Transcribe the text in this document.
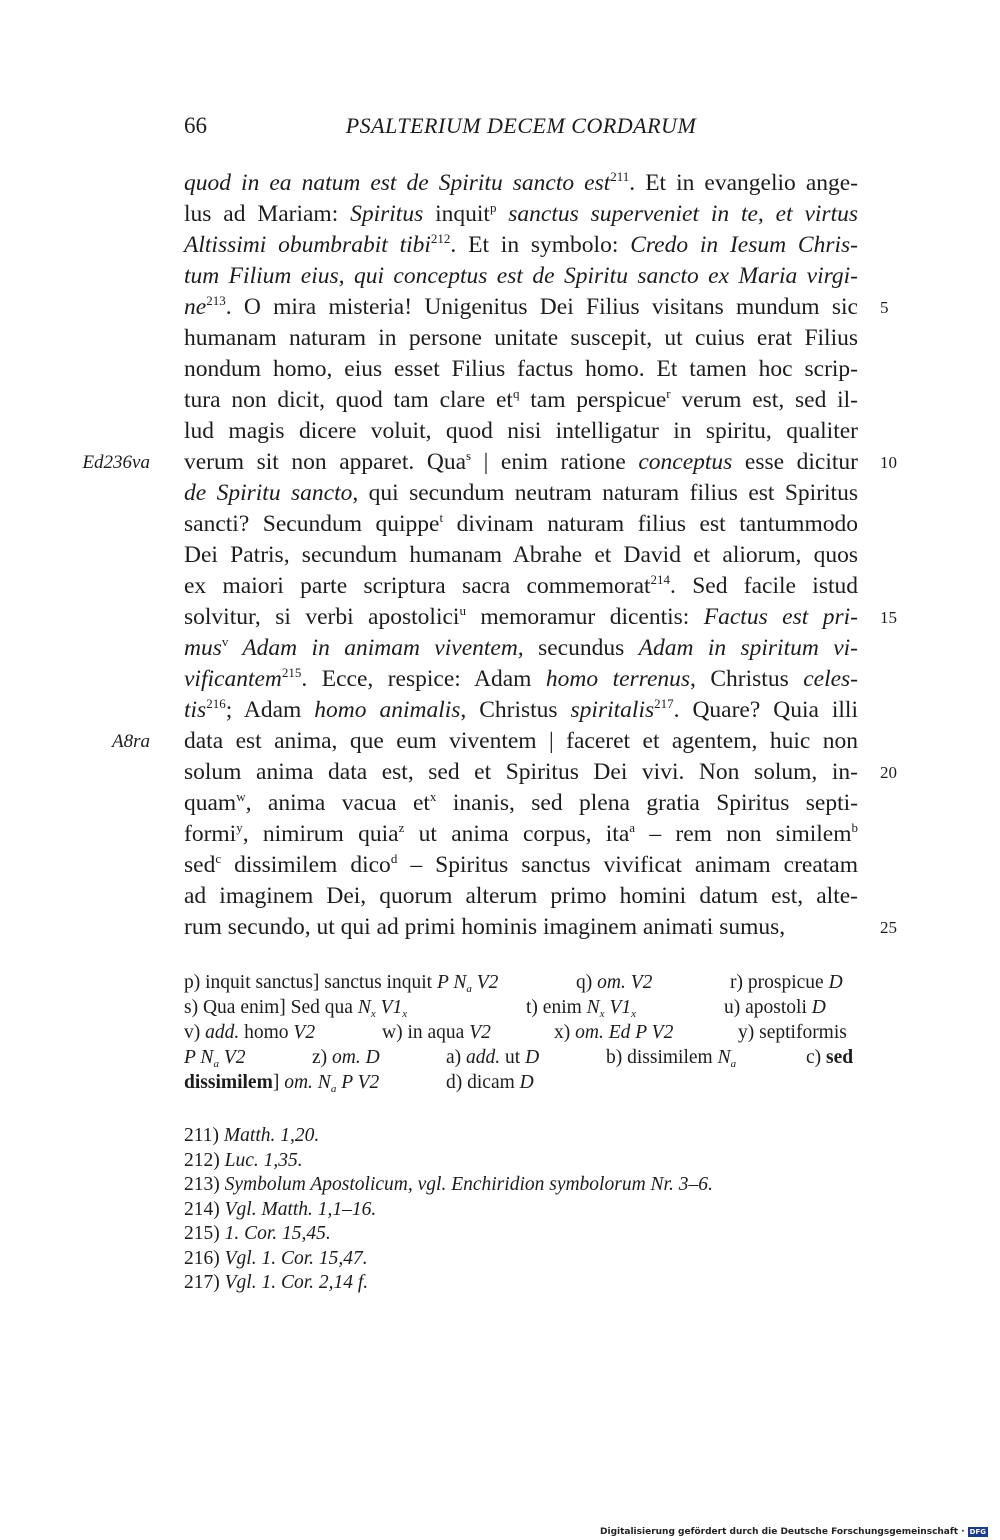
66	PSALTERIUM DECEM CORDARUM
quod in ea natum est de Spiritu sancto est$^{211}$. Et in evangelio ange-
lus ad Mariam: Spiritus inquit$^p$ sanctus superveniet in te, et virtus
Altissimi obumbrabit tibi$^{212}$. Et in symbolo: Credo in Iesum Chris-
tum Filium eius, qui conceptus est de Spiritu sancto ex Maria virgi-
$ne^{213}$. O mira misteria! Unigenitus Dei Filius visitans mundum sic
humanam naturam in persone unitate suscepit, ut cuius erat Filius
nondum homo, eius esset Filius factus homo. Et tamen hoc scrip-
tura non dicit, quod tam clare $et^q$ tam perspicue$^r$ verum est, sed il-
lud magis dicere voluit, quod nisi intelligatur in spiritu, qualiter
verum sit non apparet. Qua$^s$ | enim ratione conceptus esse dicitur
de Spiritu sancto, qui secundum neutram naturam filius est Spiritus
sancti? Secundum quippe$^t$ divinam naturam filius est tantummodo
Dei Patris, secundum humanam Abrahe et David et aliorum, quos
ex maiori parte scriptura sacra commemorat$^{214}$. Sed facile istud
solvitur, si verbi apostolici$^u$ memoramur dicentis: Factus est pri-
mus$^v$ Adam in animam viventem, secundus Adam in spiritum vi-
vificantem$^{215}$. Ecce, respice: Adam homo terrenus, Christus celes-
tis$^{216}$; Adam homo animalis, Christus spiritalis$^{217}$. Quare? Quia illi
data est anima, que eum viventem | faceret et agentem, huic non
solum anima data est, sed et Spiritus Dei vivi. Non solum, in-
quam$^w$, anima vacua $et^x$ inanis, sed plena gratia Spiritus septi-
formi$^y$, nimirum quia$^z$ ut anima corpus, ita$^a$ – rem non similem$^b$
sed$^c$ dissimilem dico$^d$ – Spiritus sanctus vivificat animam creatam
ad imaginem Dei, quorum alterum primo homini datum est, alte-
rum secundo, ut qui ad primi hominis imaginem animati sumus,
5
10
15
20
25
Ed236va
A8ra
p) inquit sanctus] sanctus inquit P $N_a$ V2	q) om. V2	r) prospicue D
s) Qua enim] Sed qua $N_x$ $V1_x$	t) enim $N_x$ $V1_x$	u) apostoli D
v) add. homo V2	w) in aqua V2	x) om. Ed P V2	y) septiformis
P $N_a$ V2	z) om. D	a) add. ut D	b) dissimilem $N_a$	c) sed
dissimilem] om. $N_a$ P V2	d) dicam D
211) Matth. 1,20.
212) Luc. 1,35.
213) Symbolum Apostolicum, vgl. Enchiridion symbolorum Nr. 3–6.
214) Vgl. Matth. 1,1–16.
215) 1. Cor. 15,45.
216) Vgl. 1. Cor. 15,47.
217) Vgl. 1. Cor. 2,14 f.
Digitalisierung gefördert durch die Deutsche Forschungsgemeinschaft · DFG
